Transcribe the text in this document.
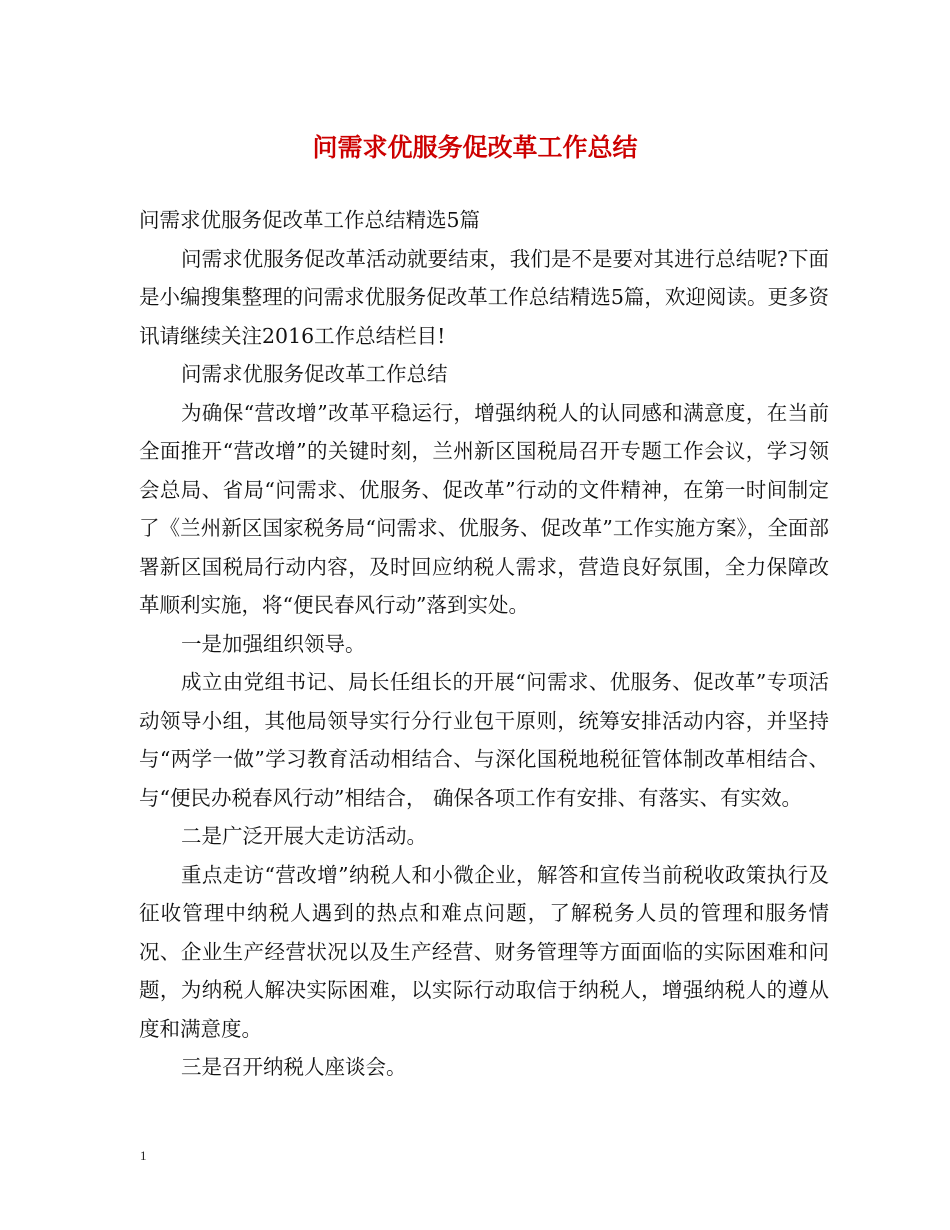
问需求优服务促改革工作总结

问需求优服务促改革工作总结精选5篇

问需求优服务促改革活动就要结束，我们是不是要对其进行总结呢?下面是小编搜集整理的问需求优服务促改革工作总结精选5篇，欢迎阅读。更多资讯请继续关注2016工作总结栏目!

问需求优服务促改革工作总结

为确保“营改增”改革平稳运行，增强纳税人的认同感和满意度，在当前全面推开“营改增”的关键时刻，兰州新区国税局召开专题工作会议，学习领会总局、省局“问需求、优服务、促改革”行动的文件精神，在第一时间制定了《兰州新区国家税务局“问需求、优服务、促改革”工作实施方案》，全面部署新区国税局行动内容，及时回应纳税人需求，营造良好氛围，全力保障改革顺利实施，将“便民春风行动”落到实处。

一是加强组织领导。

成立由党组书记、局长任组长的开展“问需求、优服务、促改革”专项活动领导小组，其他局领导实行分行业包干原则，统筹安排活动内容，并坚持与“两学一做”学习教育活动相结合、与深化国税地税征管体制改革相结合、与“便民办税春风行动”相结合， 确保各项工作有安排、有落实、有实效。

二是广泛开展大走访活动。

重点走访“营改增”纳税人和小微企业，解答和宣传当前税收政策执行及征收管理中纳税人遇到的热点和难点问题，了解税务人员的管理和服务情况、企业生产经营状况以及生产经营、财务管理等方面面临的实际困难和问题，为纳税人解决实际困难，以实际行动取信于纳税人，增强纳税人的遵从度和满意度。

三是召开纳税人座谈会。

1
